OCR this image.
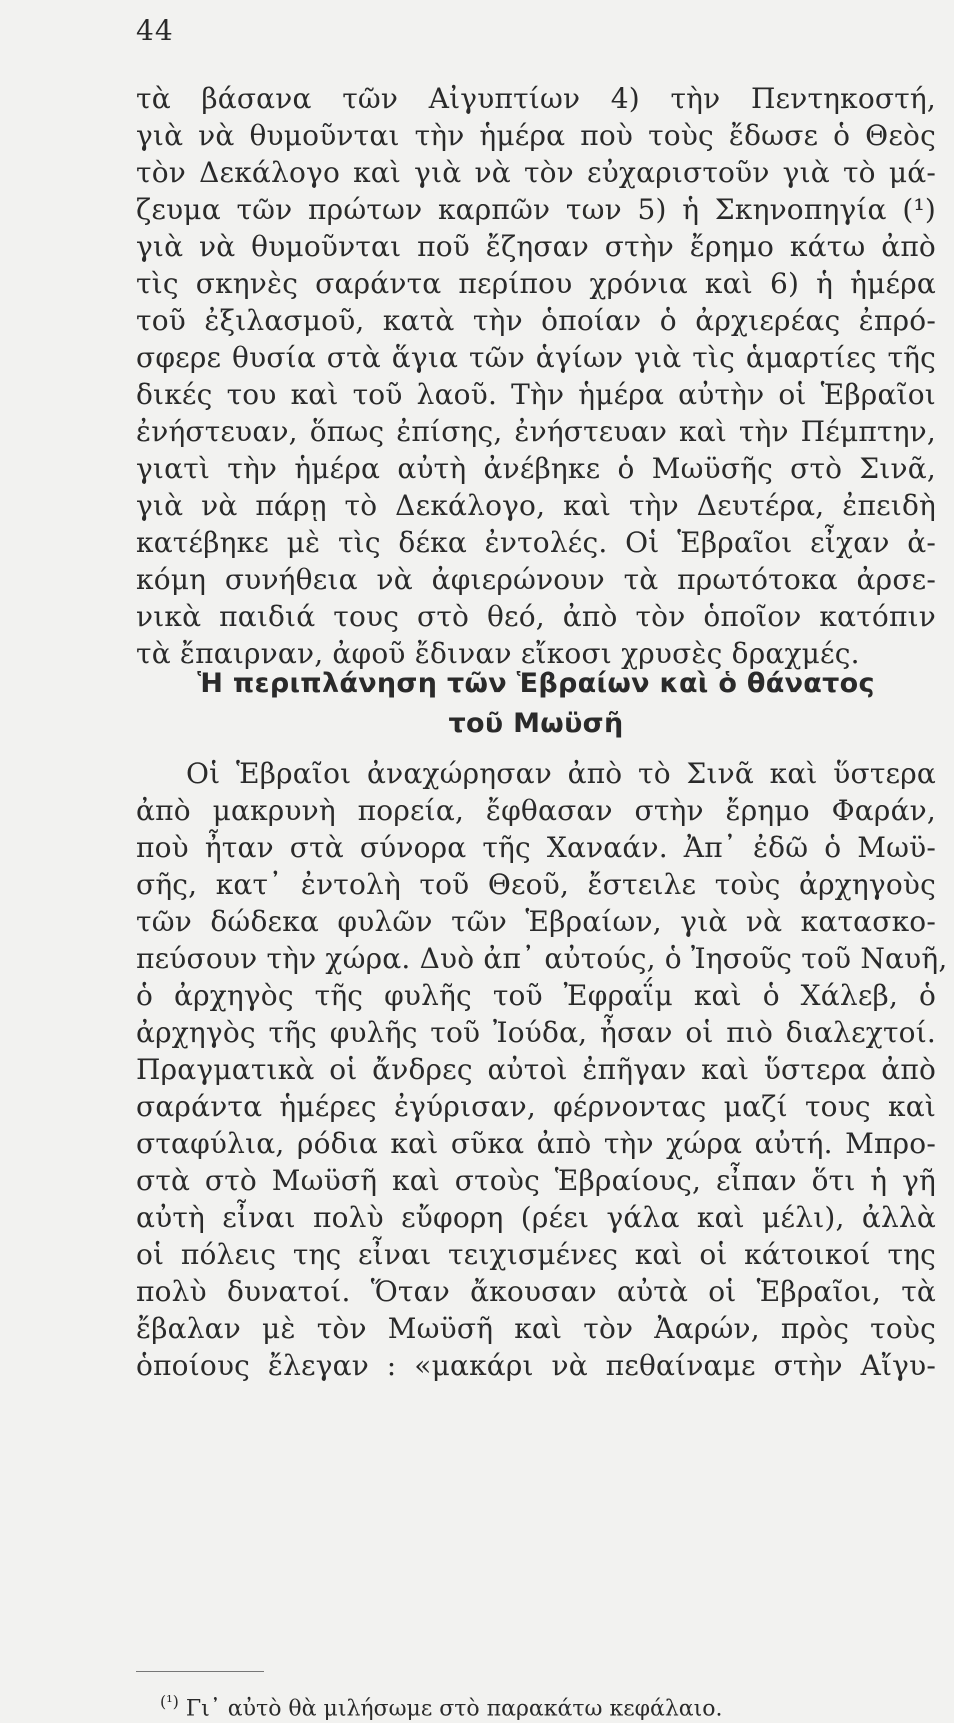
44
τὰ βάσανα τῶν Αἰγυπτίων 4) τὴν Πεντηκοστή,
γιὰ νὰ θυμοῦνται τὴν ἡμέρα ποὺ τοὺς ἔδωσε ὁ Θεὸς
τὸν Δεκάλογο καὶ γιὰ νὰ τὸν εὐχαριστοῦν γιὰ τὸ μά-
ζευμα τῶν πρώτων καρπῶν των 5) ἡ Σκηνοπηγία (¹)
γιὰ νὰ θυμοῦνται ποῦ ἔζησαν στὴν ἔρημο κάτω ἀπὸ
τὶς σκηνὲς σαράντα περίπου χρόνια καὶ 6) ἡ ἡμέρα
τοῦ ἐξιλασμοῦ, κατὰ τὴν ὁποίαν ὁ ἀρχιερέας ἐπρό-
σφερε θυσία στὰ ἅγια τῶν ἁγίων γιὰ τὶς ἁμαρτίες τῆς
δικές του καὶ τοῦ λαοῦ. Τὴν ἡμέρα αὐτὴν οἱ Ἑβραῖοι
ἐνήστευαν, ὅπως ἐπίσης, ἐνήστευαν καὶ τὴν Πέμπτην,
γιατὶ τὴν ἡμέρα αὐτὴ ἀνέβηκε ὁ Μωϋσῆς στὸ Σινᾶ,
γιὰ νὰ πάρῃ τὸ Δεκάλογο, καὶ τὴν Δευτέρα, ἐπειδὴ
κατέβηκε μὲ τὶς δέκα ἐντολές. Οἱ Ἑβραῖοι εἶχαν ἀ-
κόμη συνήθεια νὰ ἀφιερώνουν τὰ πρωτότοκα ἀρσε-
νικὰ παιδιά τους στὸ θεό, ἀπὸ τὸν ὁποῖον κατόπιν
τὰ ἔπαιρναν, ἀφοῦ ἔδιναν εἴκοσι χρυσὲς δραχμές.
Ἡ περιπλάνηση τῶν Ἑβραίων καὶ ὁ θάνατος
τοῦ Μωϋσῆ
Οἱ Ἑβραῖοι ἀναχώρησαν ἀπὸ τὸ Σινᾶ καὶ ὕστερα
ἀπὸ μακρυνὴ πορεία, ἔφθασαν στὴν ἔρημο Φαράν,
ποὺ ἦταν στὰ σύνορα τῆς Χαναάν. Ἀπ᾿ ἐδῶ ὁ Μωϋ-
σῆς, κατ᾿ ἐντολὴ τοῦ Θεοῦ, ἔστειλε τοὺς ἀρχηγοὺς
τῶν δώδεκα φυλῶν τῶν Ἑβραίων, γιὰ νὰ κατασκο-
πεύσουν τὴν χώρα. Δυὸ ἀπ᾿ αὐτούς, ὁ Ἰησοῦς τοῦ Ναυῆ,
ὁ ἀρχηγὸς τῆς φυλῆς τοῦ Ἐφραΐμ καὶ ὁ Χάλεβ, ὁ
ἀρχηγὸς τῆς φυλῆς τοῦ Ἰούδα, ἦσαν οἱ πιὸ διαλεχτοί.
Πραγματικὰ οἱ ἄνδρες αὐτοὶ ἐπῆγαν καὶ ὕστερα ἀπὸ
σαράντα ἡμέρες ἐγύρισαν, φέρνοντας μαζί τους καὶ
σταφύλια, ρόδια καὶ σῦκα ἀπὸ τὴν χώρα αὐτή. Μπρο-
στὰ στὸ Μωϋσῆ καὶ στοὺς Ἑβραίους, εἶπαν ὅτι ἡ γῆ
αὐτὴ εἶναι πολὺ εὔφορη (ρέει γάλα καὶ μέλι), ἀλλὰ
οἱ πόλεις της εἶναι τειχισμένες καὶ οἱ κάτοικοί της
πολὺ δυνατοί. Ὅταν ἄκουσαν αὐτὰ οἱ Ἑβραῖοι, τὰ
ἔβαλαν μὲ τὸν Μωϋσῆ καὶ τὸν Ἀαρών, πρὸς τοὺς
ὁποίους ἔλεγαν : «μακάρι νὰ πεθαίναμε στὴν Αἴγυ-
$^{(^1)}$ Γι᾿ αὐτὸ θὰ μιλήσωμε στὸ παρακάτω κεφάλαιο.
